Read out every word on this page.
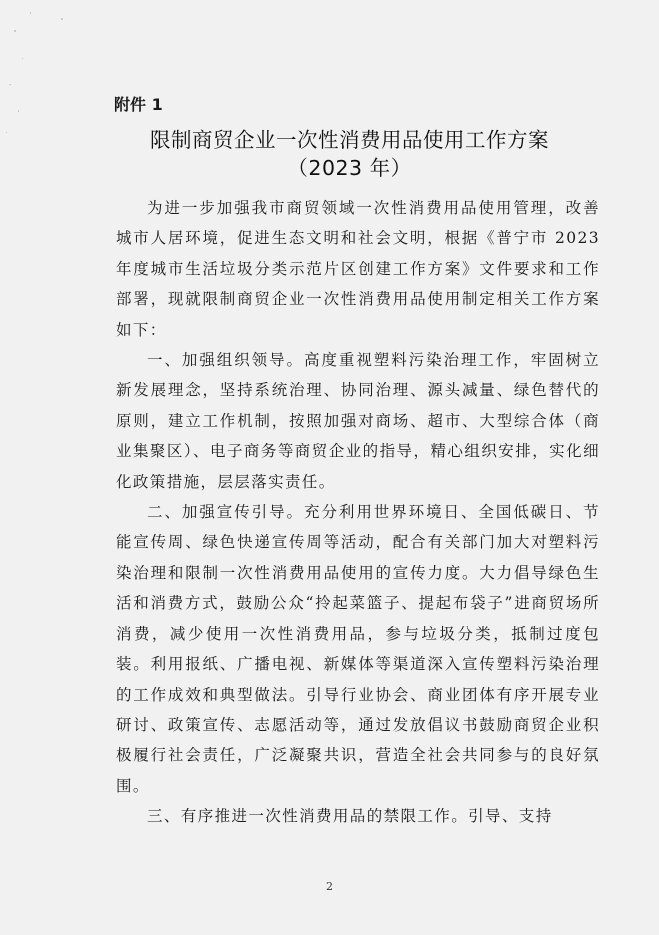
附件 1
限制商贸企业一次性消费用品使用工作方案
（2023 年）

为进一步加强我市商贸领域一次性消费用品使用管理，改善城市人居环境，促进生态文明和社会文明，根据《普宁市 2023 年度城市生活垃圾分类示范片区创建工作方案》文件要求和工作部署，现就限制商贸企业一次性消费用品使用制定相关工作方案如下：

一、加强组织领导。高度重视塑料污染治理工作，牢固树立新发展理念，坚持系统治理、协同治理、源头减量、绿色替代的原则，建立工作机制，按照加强对商场、超市、大型综合体（商业集聚区）、电子商务等商贸企业的指导，精心组织安排，实化细化政策措施，层层落实责任。

二、加强宣传引导。充分利用世界环境日、全国低碳日、节能宣传周、绿色快递宣传周等活动，配合有关部门加大对塑料污染治理和限制一次性消费用品使用的宣传力度。大力倡导绿色生活和消费方式，鼓励公众“拎起菜篮子、提起布袋子”进商贸场所消费，减少使用一次性消费用品，参与垃圾分类，抵制过度包装。利用报纸、广播电视、新媒体等渠道深入宣传塑料污染治理的工作成效和典型做法。引导行业协会、商业团体有序开展专业研讨、政策宣传、志愿活动等，通过发放倡议书鼓励商贸企业积极履行社会责任，广泛凝聚共识，营造全社会共同参与的良好氛围。

三、有序推进一次性消费用品的禁限工作。引导、支持

2
